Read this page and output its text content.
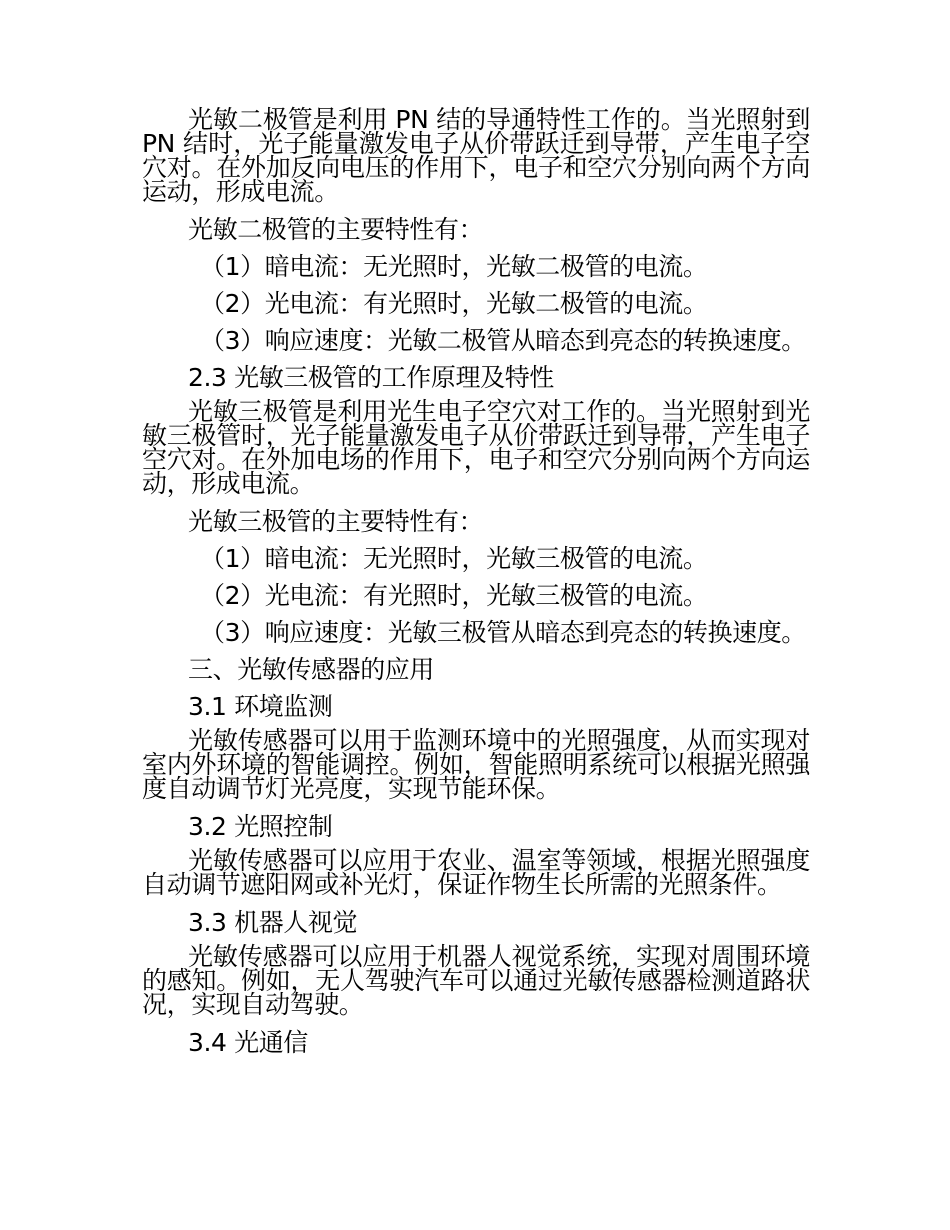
光敏二极管是利用 PN 结的导通特性工作的。当光照射到 PN 结时，光子能量激发电子从价带跃迁到导带，产生电子空穴对。在外加反向电压的作用下，电子和空穴分别向两个方向运动，形成电流。

光敏二极管的主要特性有：
（1）暗电流：无光照时，光敏二极管的电流。
（2）光电流：有光照时，光敏二极管的电流。
（3）响应速度：光敏二极管从暗态到亮态的转换速度。
2.3 光敏三极管的工作原理及特性

光敏三极管是利用光生电子空穴对工作的。当光照射到光敏三极管时，光子能量激发电子从价带跃迁到导带，产生电子空穴对。在外加电场的作用下，电子和空穴分别向两个方向运动，形成电流。

光敏三极管的主要特性有：
（1）暗电流：无光照时，光敏三极管的电流。
（2）光电流：有光照时，光敏三极管的电流。
（3）响应速度：光敏三极管从暗态到亮态的转换速度。
三、光敏传感器的应用
3.1 环境监测

光敏传感器可以用于监测环境中的光照强度，从而实现对室内外环境的智能调控。例如，智能照明系统可以根据光照强度自动调节灯光亮度，实现节能环保。

3.2 光照控制

光敏传感器可以应用于农业、温室等领域，根据光照强度自动调节遮阳网或补光灯，保证作物生长所需的光照条件。

3.3 机器人视觉

光敏传感器可以应用于机器人视觉系统，实现对周围环境的感知。例如，无人驾驶汽车可以通过光敏传感器检测道路状况，实现自动驾驶。

3.4 光通信
